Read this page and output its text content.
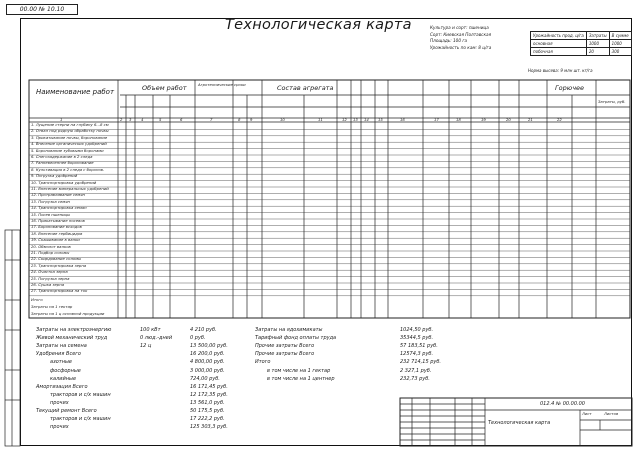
00.00 № 10.10
Технологическая карта	Культура и сорт: пшеница
Сорт: Киевская Полтавская
Площадь: 100 га
Урожайность по кам: 8 ц/га
Урожайность прод. ц/га	Затраты	В сумме
основная	1000	1000
побочная	20	300
Норма высева: 9 млн шт. кг/га
Наименование работ	Объем работ	Агротехнические сроки	Состав агрегата	Горючее
Затраты, руб.
1	2 3	4	5	6	7	8	9	10	11	12 13 14 15	16	17	18	19	20	21	22
1. Лущение стерни на глубину 6...8 см
2. Отвал под рядную обработку почвы
3. Прикатывание почвы, боронование
4. Внесение органических удобрений
5. Боронование зубовыми боронами
6. Снегозадержание в 2 следа
7. Ранневесеннее боронование
8. Культивация в 2 следа с боронов.
9. Погрузка удобрений
10. Транспортировка удобрений
11. Внесение минеральных удобрений
12. Протравливание семян
13. Погрузка семян
14. Транспортировка семян
15. Посев пшеницы
16. Прикатывание посевов
17. Боронование всходов
18. Внесение гербицидов
19. Скашивание в валки
20. Обмолот валков
21. Подбор соломы
22. Скирдование соломы
23. Транспортировка зерна
24. Очистка зерна
25. Погрузка зерна
26. Сушка зерна
27. Транспортировка на ток
Итого
Затраты на 1 гектар
Затраты на 1 ц основной продукции
Затраты на электроэнергию	100 кВт	4 210 руб.
Живой механический труд	0 люд.-дней	0 руб.
Затраты на семена	12 ц	13 500,00 руб.
Удобрения Всего	16 200,0 руб.
азотные	4 800,00 руб.
фосфорные	3 000,00 руб.
калийные	724,00 руб.
Амортизация Всего	16 171,45 руб.
тракторов и с/х машин	12 172,35 руб.
прочих	13 561,0 руб.
Текущий ремонт Всего	50 175,5 руб.
тракторов и с/х машин	17 222,2 руб.
прочих	125 303,3 руб.
Затраты на ядохимикаты	1024,50 руб.
Тарифный фонд оплаты труда	35344,5 руб.
Прочие затраты Всего	57 183,51 руб.
Прочие затраты Всего	12574,3 руб.
Итого	232 714,15 руб.
в том числе на 1 гектар	2 327,1 руб.
в том числе на 1 центнер	232,73 руб.
012.4 № 00.00.00
Технологическая карта
Лист	Листов
